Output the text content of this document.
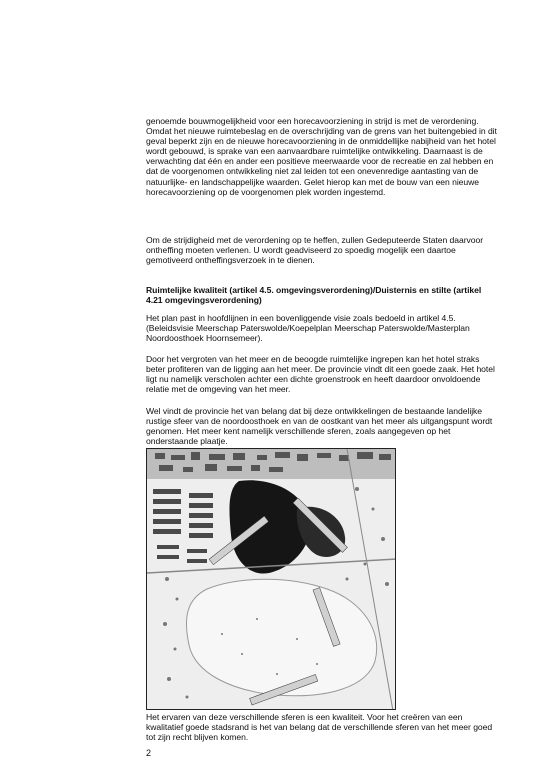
genoemde bouwmogelijkheid voor een horecavoorziening in strijd is met de verordening. Omdat het nieuwe ruimtebeslag en de overschrijding van de grens van het buitengebied in dit geval beperkt zijn en de nieuwe horecavoorziening in de onmiddellijke nabijheid van het hotel wordt gebouwd, is sprake van een aanvaardbare ruimtelijke ontwikkeling. Daarnaast is de verwachting dat één en ander een positieve meerwaarde voor de recreatie en zal hebben en dat de voorgenomen ontwikkeling niet zal leiden tot een onevenredige aantasting van de natuurlijke- en landschappelijke waarden. Gelet hierop kan met de bouw van een nieuwe horecavoorziening op de voorgenomen plek worden ingestemd.

Om de strijdigheid met de verordening op te heffen, zullen Gedeputeerde Staten daarvoor ontheffing moeten verlenen. U wordt geadviseerd zo spoedig mogelijk een daartoe gemotiveerd ontheffingsverzoek in te dienen.

Ruimtelijke kwaliteit (artikel 4.5. omgevingsverordening)/Duisternis en stilte (artikel 4.21 omgevingsverordening)

Het plan past in hoofdlijnen in een bovenliggende visie zoals bedoeld in artikel 4.5. (Beleidsvisie Meerschap Paterswolde/Koepelplan Meerschap Paterswolde/Masterplan Noordoosthoek Hoornsemeer).

Door het vergroten van het meer en de beoogde ruimtelijke ingrepen kan het hotel straks beter profiteren van de ligging aan het meer. De provincie vindt dit een goede zaak. Het hotel ligt nu namelijk verscholen achter een dichte groenstrook en heeft daardoor onvoldoende relatie met de omgeving van het meer.

Wel vindt de provincie het van belang dat bij deze ontwikkelingen de bestaande landelijke rustige sfeer van de noordoosthoek en van de oostkant van het meer als uitgangspunt wordt genomen. Het meer kent namelijk verschillende sferen, zoals aangegeven op het onderstaande plaatje.

Het ervaren van deze verschillende sferen is een kwaliteit. Voor het creëren van een kwalitatief goede stadsrand is het van belang dat de verschillende sferen van het meer goed tot zijn recht blijven komen.

2
